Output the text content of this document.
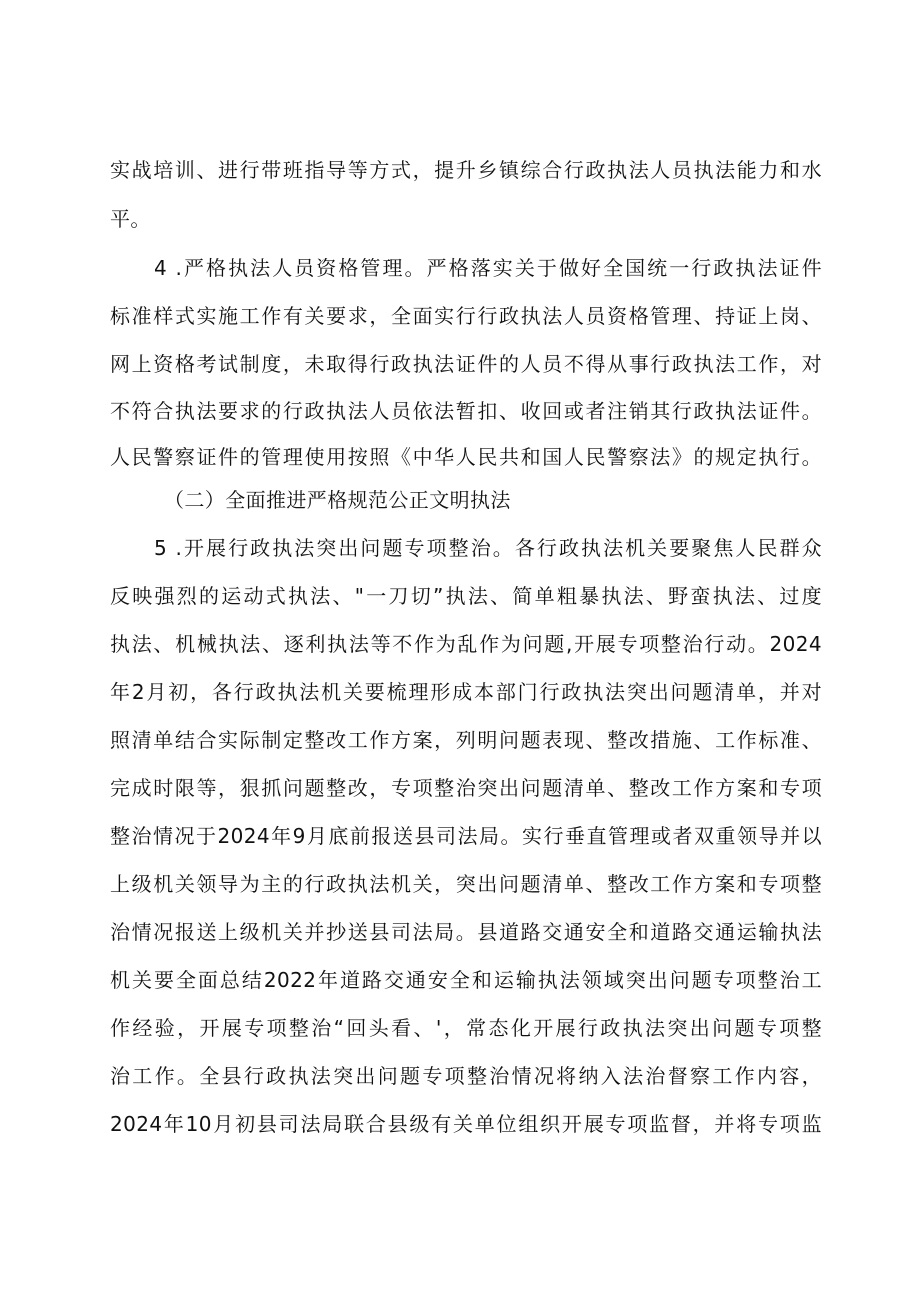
实战培训、进行带班指导等方式，提升乡镇综合行政执法人员执法能力和水

平。

4 .严格执法人员资格管理。严格落实关于做好全国统一行政执法证件

标准样式实施工作有关要求，全面实行行政执法人员资格管理、持证上岗、

网上资格考试制度，未取得行政执法证件的人员不得从事行政执法工作，对

不符合执法要求的行政执法人员依法暂扣、收回或者注销其行政执法证件。

人民警察证件的管理使用按照《中华人民共和国人民警察法》的规定执行。

（二）全面推进严格规范公正文明执法

5 .开展行政执法突出问题专项整治。各行政执法机关要聚焦人民群众

反映强烈的运动式执法、"一刀切”执法、简单粗暴执法、野蛮执法、过度

执法、机械执法、逐利执法等不作为乱作为问题,开展专项整治行动。2024

年2月初，各行政执法机关要梳理形成本部门行政执法突出问题清单，并对

照清单结合实际制定整改工作方案，列明问题表现、整改措施、工作标准、

完成时限等，狠抓问题整改，专项整治突出问题清单、整改工作方案和专项

整治情况于2024年9月底前报送县司法局。实行垂直管理或者双重领导并以

上级机关领导为主的行政执法机关，突出问题清单、整改工作方案和专项整

治情况报送上级机关并抄送县司法局。县道路交通安全和道路交通运输执法

机关要全面总结2022年道路交通安全和运输执法领域突出问题专项整治工

作经验，开展专项整治“回头看、'，常态化开展行政执法突出问题专项整

治工作。全县行政执法突出问题专项整治情况将纳入法治督察工作内容，

2024年10月初县司法局联合县级有关单位组织开展专项监督，并将专项监
